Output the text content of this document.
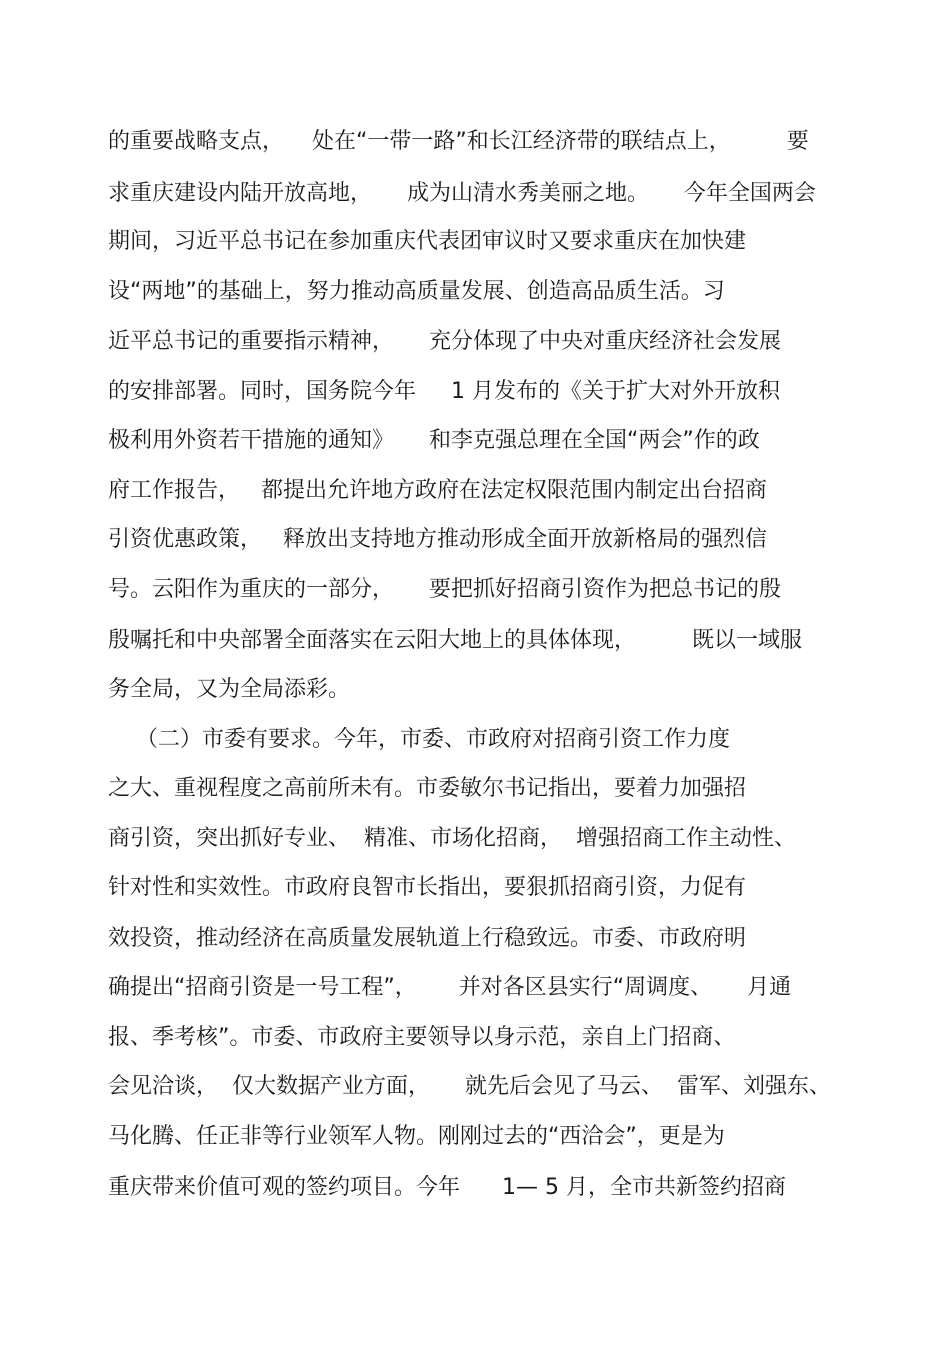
的重要战略支点，    处在“一带一路”和长江经济带的联结点上，        要
求重庆建设内陆开放高地，     成为山清水秀美丽之地。     今年全国两会
期间，习近平总书记在参加重庆代表团审议时又要求重庆在加快建
设“两地”的基础上，努力推动高质量发展、创造高品质生活。习
近平总书记的重要指示精神，     充分体现了中央对重庆经济社会发展
的安排部署。同时，国务院今年     1 月发布的《关于扩大对外开放积
极利用外资若干措施的通知》     和李克强总理在全国“两会”作的政
府工作报告，   都提出允许地方政府在法定权限范围内制定出台招商
引资优惠政策，   释放出支持地方推动形成全面开放新格局的强烈信
号。云阳作为重庆的一部分，     要把抓好招商引资作为把总书记的殷
殷嘱托和中央部署全面落实在云阳大地上的具体体现，        既以一域服
务全局，又为全局添彩。
（二）市委有要求。今年，市委、市政府对招商引资工作力度
之大、重视程度之高前所未有。市委敏尔书记指出，要着力加强招
商引资，突出抓好专业、  精准、市场化招商，  增强招商工作主动性、
针对性和实效性。市政府良智市长指出，要狠抓招商引资，力促有
效投资，推动经济在高质量发展轨道上行稳致远。市委、市政府明
确提出“招商引资是一号工程”，      并对各区县实行“周调度、     月通
报、季考核”。市委、市政府主要领导以身示范，亲自上门招商、
会见洽谈，  仅大数据产业方面，     就先后会见了马云、  雷军、刘强东、
马化腾、任正非等行业领军人物。刚刚过去的“西洽会”，更是为
重庆带来价值可观的签约项目。今年      1— 5 月，全市共新签约招商
